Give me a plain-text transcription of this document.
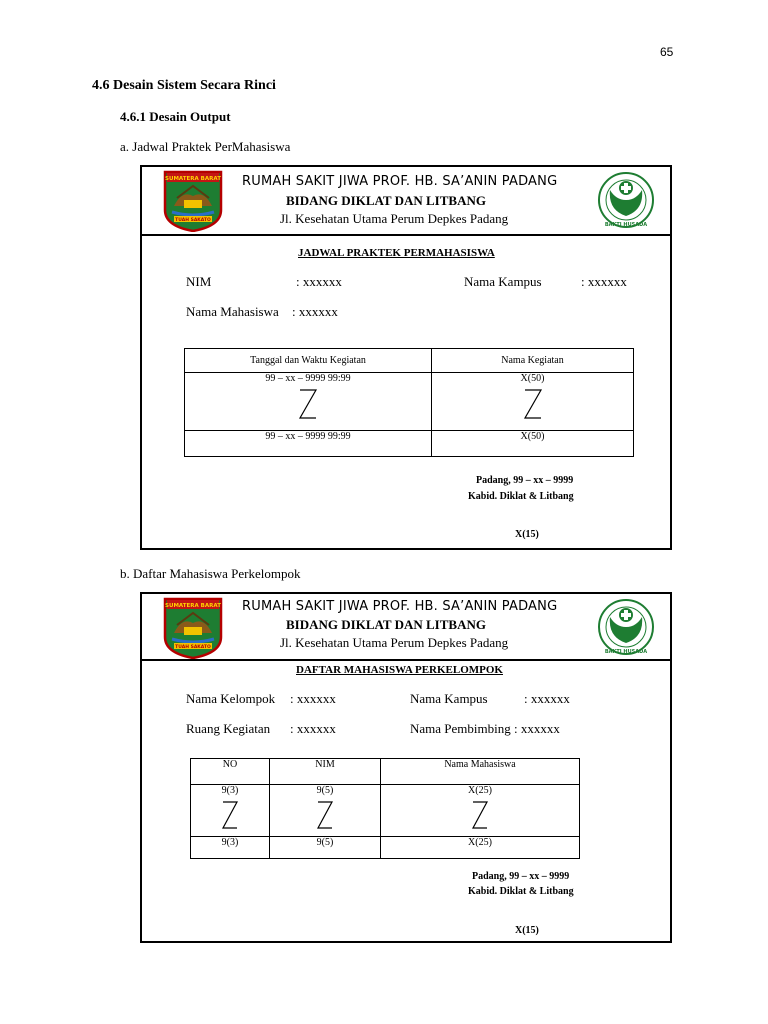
65
4.6 Desain Sistem Secara Rinci
4.6.1 Desain Output
a. Jadwal Praktek PerMahasiswa
SUMATERA BARAT
TUAH SAKATO
RUMAH SAKIT JIWA PROF. HB. SA’ANIN PADANG
BIDANG DIKLAT DAN LITBANG
Jl. Kesehatan Utama Perum Depkes Padang	BAKTI HUSADA
JADWAL PRAKTEK PERMAHASISWA
NIM	: xxxxxx	Nama Kampus	: xxxxxx
Nama Mahasiswa : xxxxxx
Tanggal dan Waktu Kegiatan	Nama Kegiatan

99 – xx – 9999 99:99	X(50)

99 – xx – 9999 99:99	X(50)
Padang, 99 – xx – 9999
Kabid. Diklat & Litbang
X(15)
b. Daftar Mahasiswa Perkelompok
SUMATERA BARAT
TUAH SAKATO
RUMAH SAKIT JIWA PROF. HB. SA’ANIN PADANG
BIDANG DIKLAT DAN LITBANG
Jl. Kesehatan Utama Perum Depkes Padang
BAKTI HUSADA
DAFTAR MAHASISWA PERKELOMPOK
Nama Kelompok : xxxxxx	Nama Kampus	: xxxxxx
Ruang Kegiatan : xxxxxx	Nama Pembimbing : xxxxxx
NO	NIM	Nama Mahasiswa

9(3)	9(5)	X(25)

9(3)	9(5)	X(25)
Padang, 99 – xx – 9999
Kabid. Diklat & Litbang
X(15)
